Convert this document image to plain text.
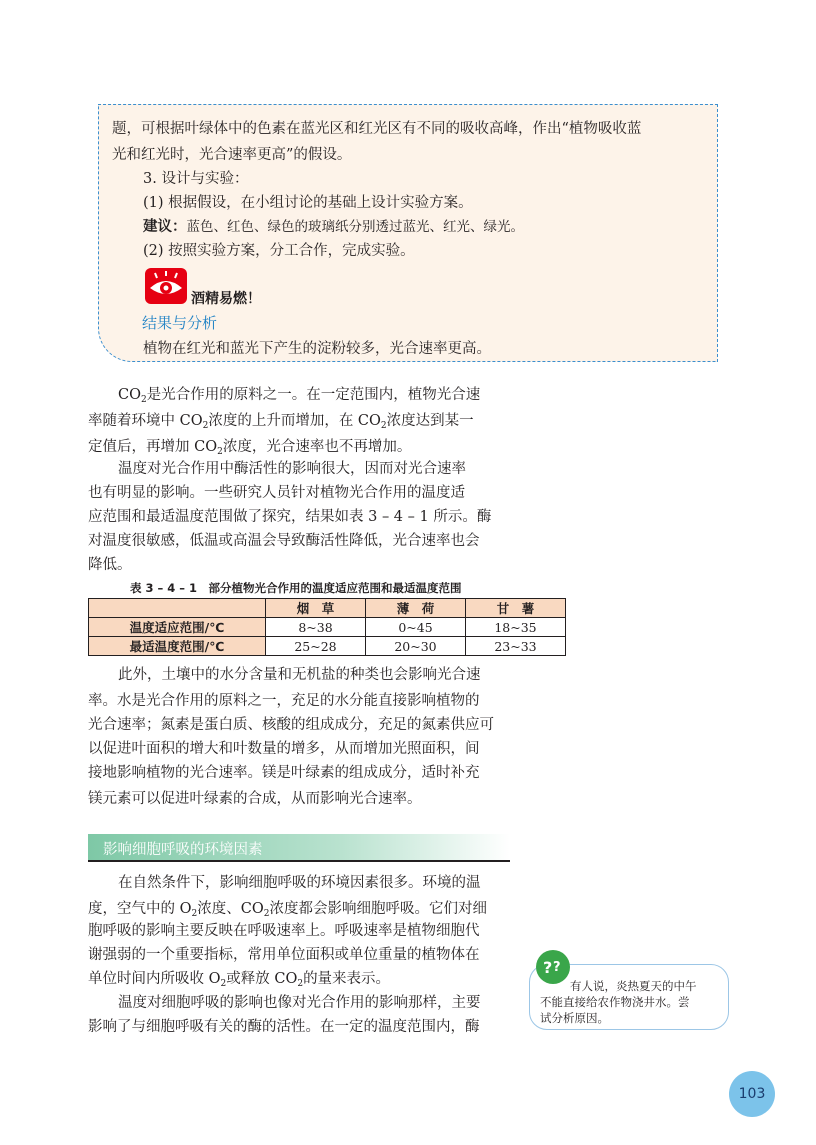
题，可根据叶绿体中的色素在蓝光区和红光区有不同的吸收高峰，作出“植物吸收蓝
光和红光时，光合速率更高”的假设。
3. 设计与实验：
(1) 根据假设，在小组讨论的基础上设计实验方案。
建议：蓝色、红色、绿色的玻璃纸分别透过蓝光、红光、绿光。
(2) 按照实验方案，分工合作，完成实验。
酒精易燃！
结果与分析
植物在红光和蓝光下产生的淀粉较多，光合速率更高。
$CO_2$是光合作用的原料之一。在一定范围内，植物光合速
率随着环境中 $CO_2$浓度的上升而增加，在 $CO_2$浓度达到某一
定值后，再增加 $CO_2$浓度，光合速率也不再增加。
温度对光合作用中酶活性的影响很大，因而对光合速率
也有明显的影响。一些研究人员针对植物光合作用的温度适
应范围和最适温度范围做了探究，结果如表 3 – 4 – 1 所示。酶
对温度很敏感，低温或高温会导致酶活性降低，光合速率也会
降低。
表 3 – 4 – 1　部分植物光合作用的温度适应范围和最适温度范围
	烟　草	薄　荷	甘　薯
温度适应范围/℃	8~38	0~45	18~35
最适温度范围/℃	25~28	20~30	23~33
此外，土壤中的水分含量和无机盐的种类也会影响光合速
率。水是光合作用的原料之一，充足的水分能直接影响植物的
光合速率；氮素是蛋白质、核酸的组成成分，充足的氮素供应可
以促进叶面积的增大和叶数量的增多，从而增加光照面积，间
接地影响植物的光合速率。镁是叶绿素的组成成分，适时补充
镁元素可以促进叶绿素的合成，从而影响光合速率。
影响细胞呼吸的环境因素
在自然条件下，影响细胞呼吸的环境因素很多。环境的温
度，空气中的 $O_2$浓度、$CO_2$浓度都会影响细胞呼吸。它们对细
胞呼吸的影响主要反映在呼吸速率上。呼吸速率是植物细胞代
谢强弱的一个重要指标，常用单位面积或单位重量的植物体在
单位时间内所吸收 $O_2$或释放 $CO_2$的量来表示。
温度对细胞呼吸的影响也像对光合作用的影响那样，主要
影响了与细胞呼吸有关的酶的活性。在一定的温度范围内，酶
? ?
有人说，炎热夏天的中午
不能直接给农作物浇井水。尝
试分析原因。
103
